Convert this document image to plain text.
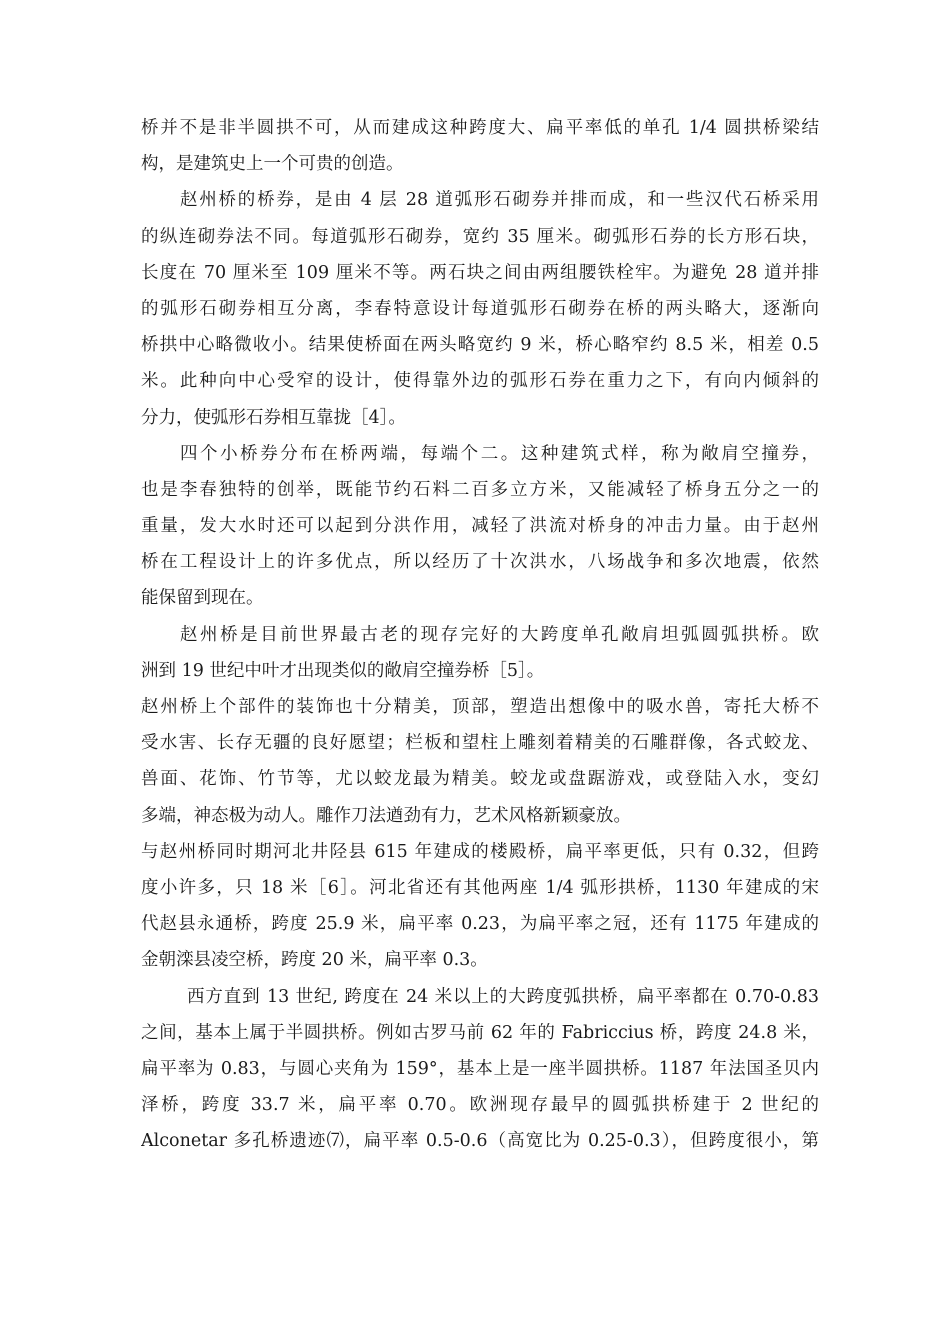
桥并不是非半圆拱不可，从而建成这种跨度大、扁平率低的单孔 1/4 圆拱桥梁结
构，是建筑史上一个可贵的创造。
赵州桥的桥券，是由 4 层 28 道弧形石砌券并排而成，和一些汉代石桥采用
的纵连砌券法不同。每道弧形石砌券，宽约 35 厘米。砌弧形石券的长方形石块，
长度在 70 厘米至 109 厘米不等。两石块之间由两组腰铁栓牢。为避免 28 道并排
的弧形石砌券相互分离，李春特意设计每道弧形石砌券在桥的两头略大，逐渐向
桥拱中心略微收小。结果使桥面在两头略宽约 9 米，桥心略窄约 8.5 米，相差 0.5
米。此种向中心受窄的设计，使得靠外边的弧形石券在重力之下，有向内倾斜的
分力，使弧形石券相互靠拢［4］。
四个小桥券分布在桥两端，每端个二。这种建筑式样，称为敞肩空撞券，
也是李春独特的创举，既能节约石料二百多立方米，又能减轻了桥身五分之一的
重量，发大水时还可以起到分洪作用，减轻了洪流对桥身的冲击力量。由于赵州
桥在工程设计上的许多优点，所以经历了十次洪水，八场战争和多次地震，依然
能保留到现在。
赵州桥是目前世界最古老的现存完好的大跨度单孔敞肩坦弧圆弧拱桥。欧
洲到 19 世纪中叶才出现类似的敞肩空撞券桥［5］。
赵州桥上个部件的装饰也十分精美，顶部，塑造出想像中的吸水兽，寄托大桥不
受水害、长存无疆的良好愿望；栏板和望柱上雕刻着精美的石雕群像，各式蛟龙、
兽面、花饰、竹节等，尤以蛟龙最为精美。蛟龙或盘踞游戏，或登陆入水，变幻
多端，神态极为动人。雕作刀法遒劲有力，艺术风格新颖豪放。
与赵州桥同时期河北井陉县 615 年建成的楼殿桥，扁平率更低，只有 0.32，但跨
度小许多，只 18 米［6］。河北省还有其他两座 1/4 弧形拱桥，1130 年建成的宋
代赵县永通桥，跨度 25.9 米，扁平率 0.23，为扁平率之冠，还有 1175 年建成的
金朝滦县凌空桥，跨度 20 米，扁平率 0.3。
西方直到 13 世纪, 跨度在 24 米以上的大跨度弧拱桥，扁平率都在 0.70-0.83
之间，基本上属于半圆拱桥。例如古罗马前 62 年的 Fabriccius 桥，跨度 24.8 米，
扁平率为 0.83，与圆心夹角为 159°，基本上是一座半圆拱桥。1187 年法国圣贝内
泽桥，跨度 33.7 米，扁平率 0.70。欧洲现存最早的圆弧拱桥建于 2 世纪的
Alconetar 多孔桥遗迹⑺，扁平率 0.5-0.6（高宽比为 0.25-0.3），但跨度很小，第
